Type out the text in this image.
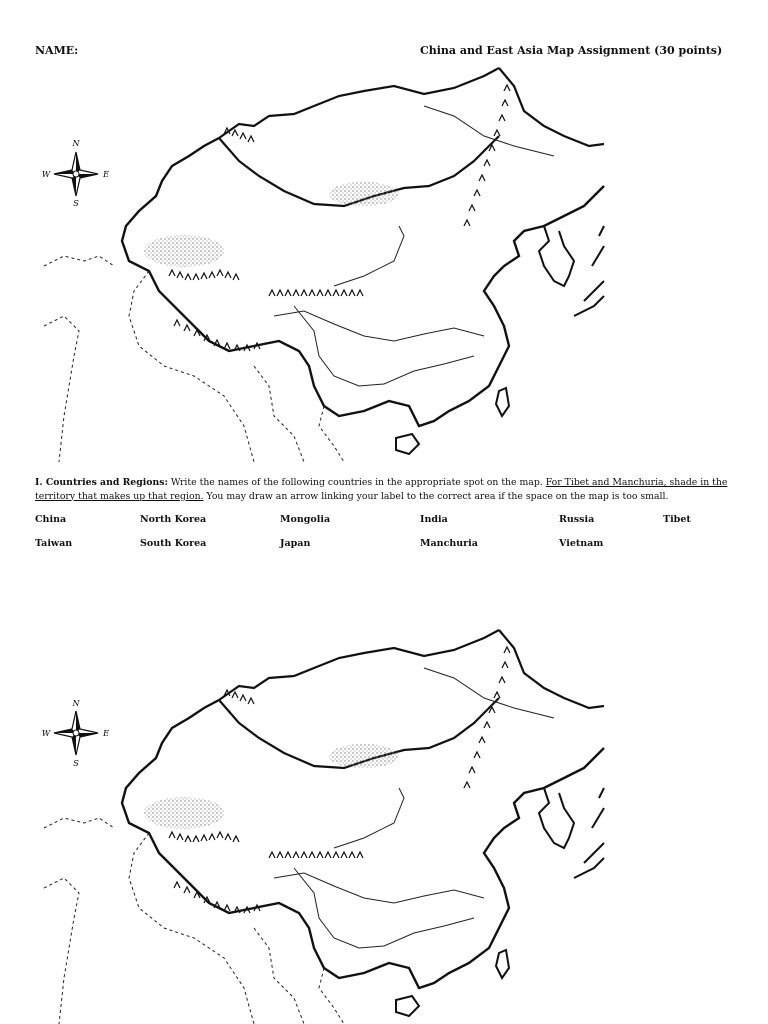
NAME:	China and East Asia Map Assignment (30 points)
N
S
E
W
I. Countries and Regions: Write the names of the following countries in the appropriate spot on the map. For Tibet and Manchuria, shade in the territory that makes up that region. You may draw an arrow linking your label to the correct area if the space on the map is too small.
China	North Korea	Mongolia	India	Russia	Tibet
Taiwan	South Korea	Japan	Manchuria	Vietnam
N
S
E
W
